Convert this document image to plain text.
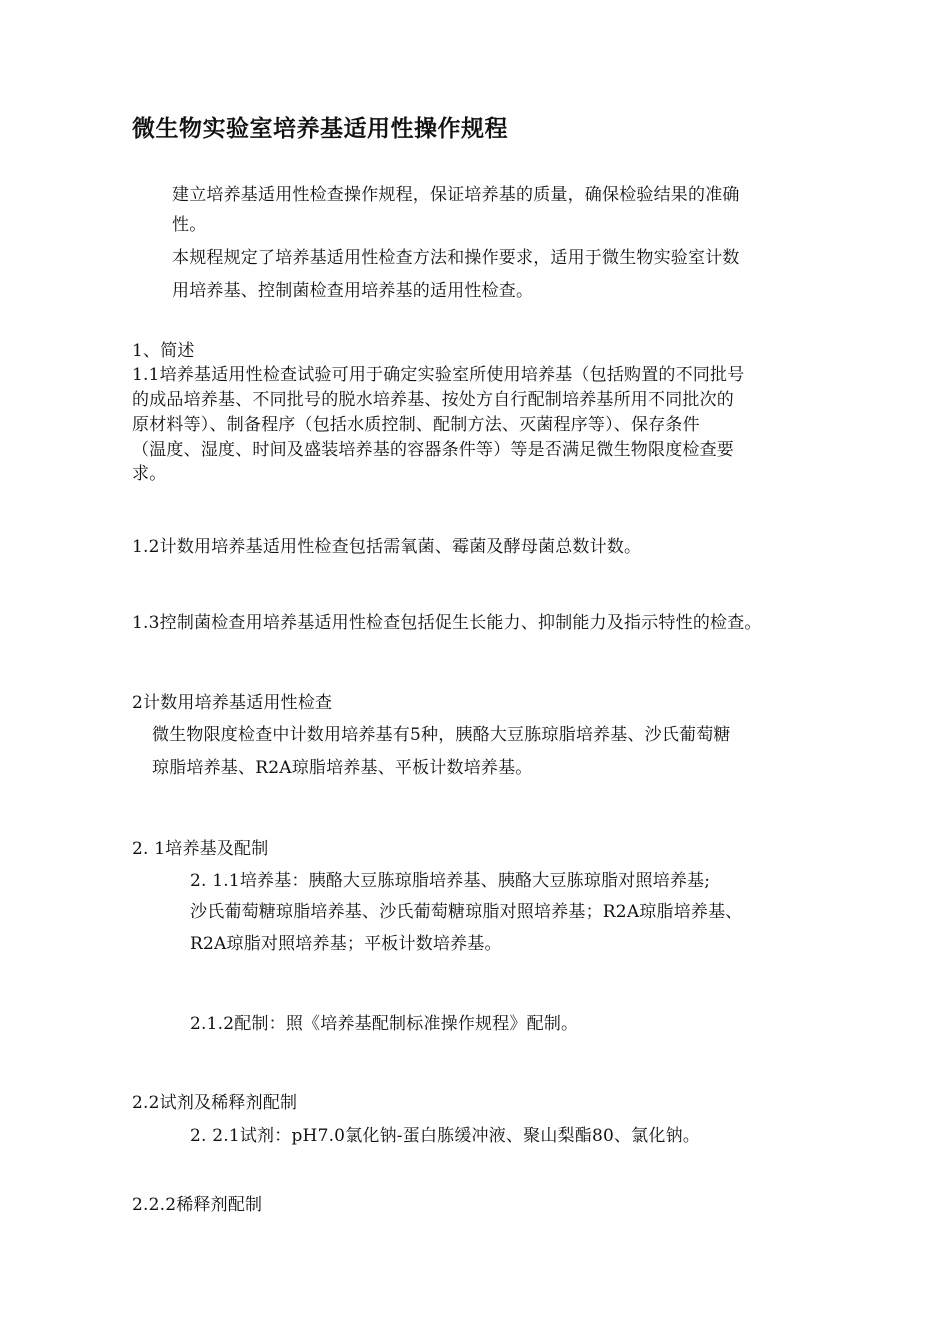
微生物实验室培养基适用性操作规程
建立培养基适用性检查操作规程，保证培养基的质量，确保检验结果的准确
性。
本规程规定了培养基适用性检查方法和操作要求，适用于微生物实验室计数
用培养基、控制菌检查用培养基的适用性检查。
1、简述
1.1培养基适用性检查试验可用于确定实验室所使用培养基（包括购置的不同批号
的成品培养基、不同批号的脱水培养基、按处方自行配制培养基所用不同批次的
原材料等）、制备程序（包括水质控制、配制方法、灭菌程序等）、保存条件
（温度、湿度、时间及盛装培养基的容器条件等）等是否满足微生物限度检查要
求。
1.2计数用培养基适用性检查包括需氧菌、霉菌及酵母菌总数计数。
1.3控制菌检查用培养基适用性检查包括促生长能力、抑制能力及指示特性的检查。
2计数用培养基适用性检查
微生物限度检查中计数用培养基有5种，胰酪大豆胨琼脂培养基、沙氏葡萄糖
琼脂培养基、R2A琼脂培养基、平板计数培养基。
2. 1培养基及配制
2. 1.1培养基：胰酪大豆胨琼脂培养基、胰酪大豆胨琼脂对照培养基;
沙氏葡萄糖琼脂培养基、沙氏葡萄糖琼脂对照培养基；R2A琼脂培养基、
R2A琼脂对照培养基；平板计数培养基。
2.1.2配制：照《培养基配制标准操作规程》配制。
2.2试剂及稀释剂配制
2. 2.1试剂：pH7.0氯化钠-蛋白胨缓冲液、聚山梨酯80、氯化钠。
2.2.2稀释剂配制
